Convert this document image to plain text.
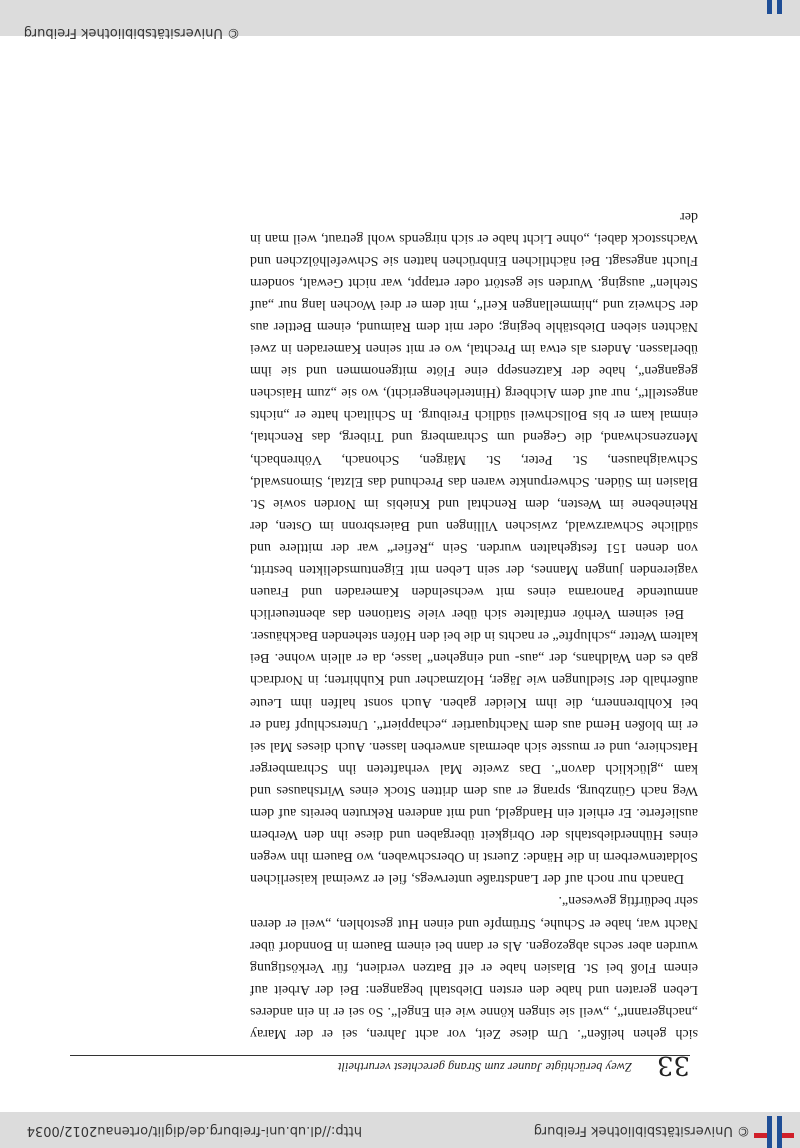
© Universitätsbibliothek Freiburg
http://dl.ub.uni-freiburg.de/diglit/ortenau2012/0034
33
Zwey berüchtigte Jauner zum Strang gerechtest verurtheilt

sich gehen heißen“. Um diese Zeit, vor acht Jahren, sei er der Maray „nachgerannt“, „weil sie singen könne wie ein Engel“. So sei er in ein anderes Leben geraten und habe den ersten Diebstahl begangen: Bei der Arbeit auf einem Floß bei St. Blasien habe er elf Batzen verdient, für Verköstigung wurden aber sechs abgezogen. Als er dann bei einem Bauern in Bonndorf über Nacht war, habe er Schuhe, Strümpfe und einen Hut gestohlen, „weil er deren sehr bedürftig gewesen“.

Danach nur noch auf der Landstraße unterwegs, fiel er zweimal kaiserlichen Soldatenwerbern in die Hände: Zuerst in Oberschwaben, wo Bauern ihn wegen eines Hühnerdiebstahls der Obrigkeit übergaben und diese ihn den Werbern auslieferte. Er erhielt ein Handgeld, und mit anderen Rekruten bereits auf dem Weg nach Günzburg, sprang er aus dem dritten Stock eines Wirtshauses und kam „glücklich davon“. Das zweite Mal verhafteten ihn Schramberger Hatschiere, und er musste sich abermals anwerben lassen. Auch dieses Mal sei er im bloßen Hemd aus dem Nachtquartier „echappiert“. Unterschlupf fand er bei Kohlbrennern, die ihm Kleider gaben. Auch sonst halfen ihm Leute außerhalb der Siedlungen wie Jäger, Holzmacher und Kuhhirten; in Nordrach gab es den Waldhans, der „aus- und eingehen“ lasse, da er allein wohne. Bei kaltem Wetter „schlupfte“ er nachts in die bei den Höfen stehenden Backhäuser.

Bei seinem Verhör entfaltete sich über viele Stationen das abenteuerlich anmutende Panorama eines mit wechselnden Kameraden und Frauen vagierenden jungen Mannes, der sein Leben mit Eigentumsdelikten bestritt, von denen 151 festgehalten wurden. Sein „Refier“ war der mittlere und südliche Schwarzwald, zwischen Villingen und Baiersbronn im Osten, der Rheinebene im Westen, dem Renchtal und Kniebis im Norden sowie St. Blasien im Süden. Schwerpunkte waren das Prechund das Elztal, Simonswald, Schwaighausen, St. Peter, St. Märgen, Schonach, Vöhrenbach, Menzenschwand, die Gegend um Schramberg und Triberg, das Renchtal, einmal kam er bis Bollschweil südlich Freiburg. In Schiltach hatte er „nichts angestellt“, nur auf dem Aichberg (Hinterlehengericht), wo sie „zum Haischen gegangen“, habe der Katzensepp eine Flöte mitgenommen und sie ihm überlassen. Anders als etwa im Prechtal, wo er mit seinen Kameraden in zwei Nächten sieben Diebstähle beging; oder mit dem Raimund, einem Bettler aus der Schweiz und „himmellangen Kerl“, mit dem er drei Wochen lang nur „auf Stehlen“ ausging. Wurden sie gestört oder ertappt, war nicht Gewalt, sondern Flucht angesagt. Bei nächtlichen Einbrüchen hatten sie Schwefelhölzchen und Wachsstock dabei, „ohne Licht habe er sich nirgends wohl getraut, weil man in der

© Universitätsbibliothek Freiburg
